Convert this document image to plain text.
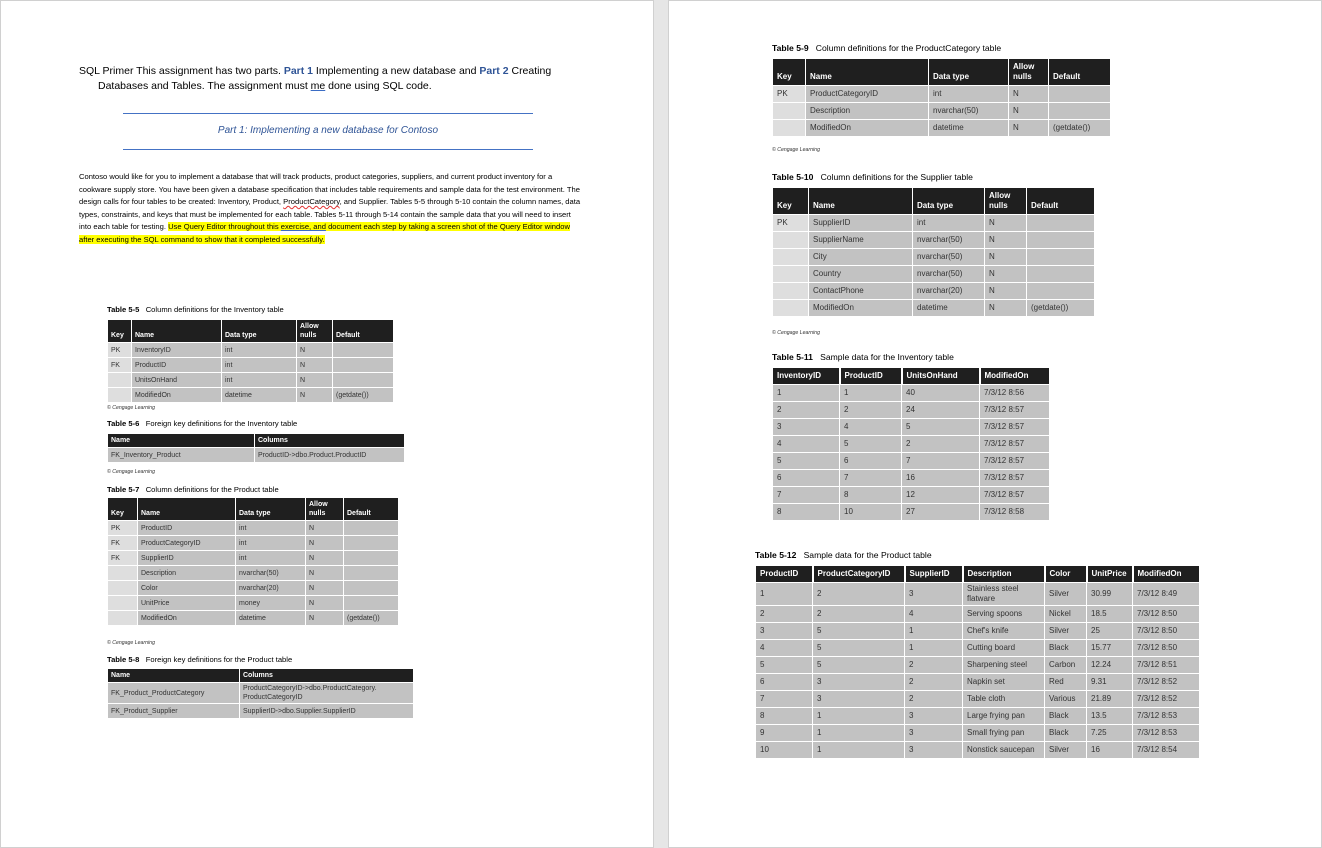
SQL Primer This assignment has two parts. Part 1 Implementing a new database and Part 2 Creating
Databases and Tables. The assignment must me done using SQL code.
Part 1: Implementing a new database for Contoso
Contoso would like for you to implement a database that will track products, product categories, suppliers, and current product inventory for a cookware supply store. You have been given a database specification that includes table requirements and sample data for the test environment. The design calls for four tables to be created: Inventory, Product, ProductCategory, and Supplier. Tables 5-5 through 5-10 contain the column names, data types, constraints, and keys that must be implemented for each table. Tables 5-11 through 5-14 contain the sample data that you will need to insert into each table for testing. Use Query Editor throughout this exercise, and document each step by taking a screen shot of the Query Editor window after executing the SQL command to show that it completed successfully.
Table 5-5 Column definitions for the Inventory table
Key	Name	Data type	Allow nulls	Default
PK	InventoryID	int	N	
FK	ProductID	int	N	
	UnitsOnHand	int	N	
	ModifiedOn	datetime	N	(getdate())
© Cengage Learning
Table 5-6 Foreign key definitions for the Inventory table
Name	Columns
FK_Inventory_Product	ProductID->dbo.Product.ProductID
© Cengage Learning
Table 5-7 Column definitions for the Product table
Key	Name	Data type	Allow nulls	Default
PK	ProductID	int	N	
FK	ProductCategoryID	int	N	
FK	SupplierID	int	N	
	Description	nvarchar(50)	N	
	Color	nvarchar(20)	N	
	UnitPrice	money	N	
	ModifiedOn	datetime	N	(getdate())
© Cengage Learning
Table 5-8 Foreign key definitions for the Product table
Name	Columns
FK_Product_ProductCategory	ProductCategoryID->dbo.ProductCategory. ProductCategoryID
FK_Product_Supplier	SupplierID->dbo.Supplier.SupplierID
Table 5-9 Column definitions for the ProductCategory table
Key	Name	Data type	Allow nulls	Default
PK	ProductCategoryID	int	N	
	Description	nvarchar(50)	N	
	ModifiedOn	datetime	N	(getdate())
© Cengage Learning
Table 5-10 Column definitions for the Supplier table
Key	Name	Data type	Allow nulls	Default
PK	SupplierID	int	N	
	SupplierName	nvarchar(50)	N	
	City	nvarchar(50)	N	
	Country	nvarchar(50)	N	
	ContactPhone	nvarchar(20)	N	
	ModifiedOn	datetime	N	(getdate())
© Cengage Learning
Table 5-11 Sample data for the Inventory table
InventoryID	ProductID	UnitsOnHand	ModifiedOn
1	1	40	7/3/12 8:56
2	2	24	7/3/12 8:57
3	4	5	7/3/12 8:57
4	5	2	7/3/12 8:57
5	6	7	7/3/12 8:57
6	7	16	7/3/12 8:57
7	8	12	7/3/12 8:57
8	10	27	7/3/12 8:58
Table 5-12 Sample data for the Product table
ProductID	ProductCategoryID	SupplierID	Description	Color	UnitPrice	ModifiedOn
1	2	3	Stainless steel flatware	Silver	30.99	7/3/12 8:49
2	2	4	Serving spoons	Nickel	18.5	7/3/12 8:50
3	5	1	Chef's knife	Silver	25	7/3/12 8:50
4	5	1	Cutting board	Black	15.77	7/3/12 8:50
5	5	2	Sharpening steel	Carbon	12.24	7/3/12 8:51
6	3	2	Napkin set	Red	9.31	7/3/12 8:52
7	3	2	Table cloth	Various	21.89	7/3/12 8:52
8	1	3	Large frying pan	Black	13.5	7/3/12 8:53
9	1	3	Small frying pan	Black	7.25	7/3/12 8:53
10	1	3	Nonstick saucepan	Silver	16	7/3/12 8:54
